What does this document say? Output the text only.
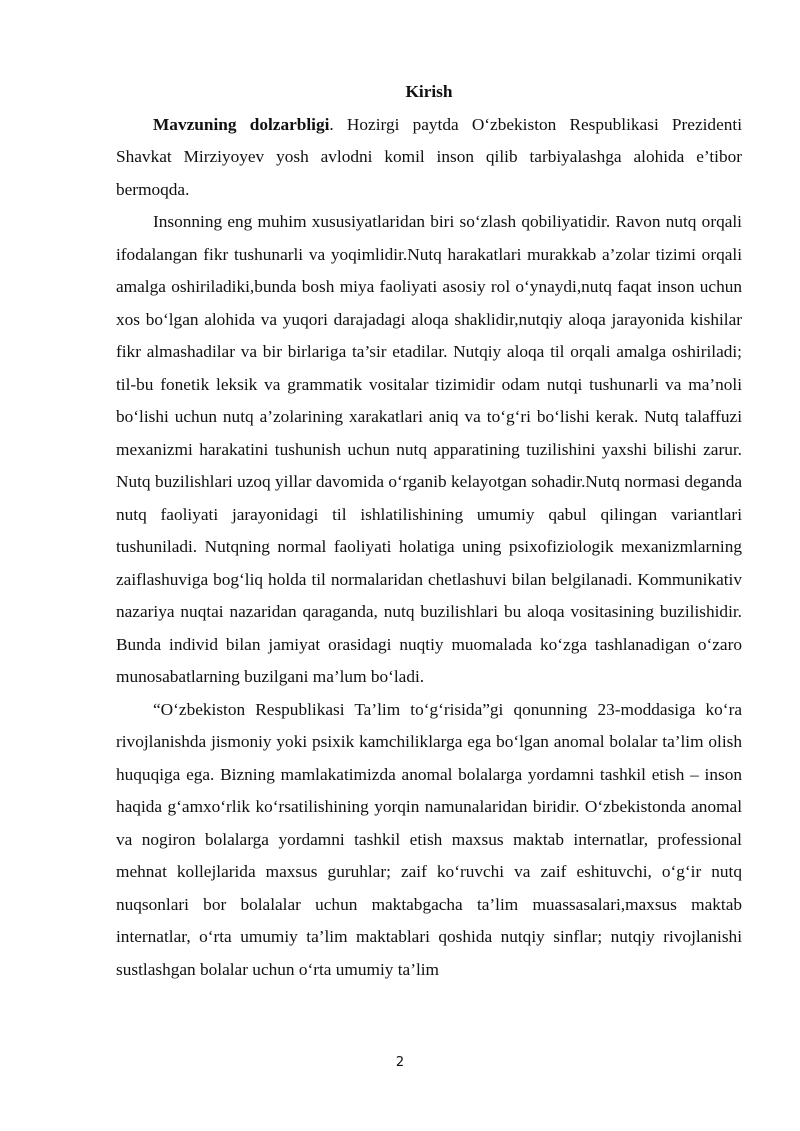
Kirish

Mavzuning dolzarbligi. Hozirgi paytda O‘zbekiston Respublikasi Prezidenti Shavkat Mirziyoyev yosh avlodni komil inson qilib tarbiyalashga alohida e’tibor bermoqda.

Insonning eng muhim xususiyatlaridan biri so‘zlash qobiliyatidir. Ravon nutq orqali ifodalangan fikr tushunarli va yoqimlidir.Nutq harakatlari murakkab a’zolar tizimi orqali amalga oshiriladiki,bunda bosh miya faoliyati asosiy rol o‘ynaydi,nutq faqat inson uchun xos bo‘lgan alohida va yuqori darajadagi aloqa shaklidir,nutqiy aloqa jarayonida kishilar fikr almashadilar va bir birlariga ta’sir etadilar. Nutqiy aloqa til orqali amalga oshiriladi; til-bu fonetik leksik va grammatik vositalar tizimidir odam nutqi tushunarli va ma’noli bo‘lishi uchun nutq a’zolarining xarakatlari aniq va to‘g‘ri bo‘lishi kerak. Nutq talaffuzi mexanizmi harakatini tushunish uchun nutq apparatining tuzilishini yaxshi bilishi zarur. Nutq buzilishlari uzoq yillar davomida o‘rganib kelayotgan sohadir.Nutq normasi deganda nutq faoliyati jarayonidagi til ishlatilishining umumiy qabul qilingan variantlari tushuniladi. Nutqning normal faoliyati holatiga uning psixofiziologik mexanizmlarning zaiflashuviga bog‘liq holda til normalaridan chetlashuvi bilan belgilanadi. Kommunikativ nazariya nuqtai nazaridan qaraganda, nutq buzilishlari bu aloqa vositasining buzilishidir. Bunda individ bilan jamiyat orasidagi nuqtiy muomalada ko‘zga tashlanadigan o‘zaro munosabatlarning buzilgani ma’lum bo‘ladi.

“O‘zbekiston Respublikasi Ta’lim to‘g‘risida”gi qonunning 23-moddasiga ko‘ra rivojlanishda jismoniy yoki psixik kamchiliklarga ega bo‘lgan anomal bolalar ta’lim olish huquqiga ega. Bizning mamlakatimizda anomal bolalarga yordamni tashkil etish – inson haqida g‘amxo‘rlik ko‘rsatilishining yorqin namunalaridan biridir. O‘zbekistonda anomal va nogiron bolalarga yordamni tashkil etish maxsus maktab internatlar, professional mehnat kollejlarida maxsus guruhlar; zaif ko‘ruvchi va zaif eshituvchi, o‘g‘ir nutq nuqsonlari bor bolalalar uchun maktabgacha ta’lim muassasalari,maxsus maktab internatlar, o‘rta umumiy ta’lim maktablari qoshida nutqiy sinflar; nutqiy rivojlanishi sustlashgan bolalar uchun o‘rta umumiy ta’lim

2
